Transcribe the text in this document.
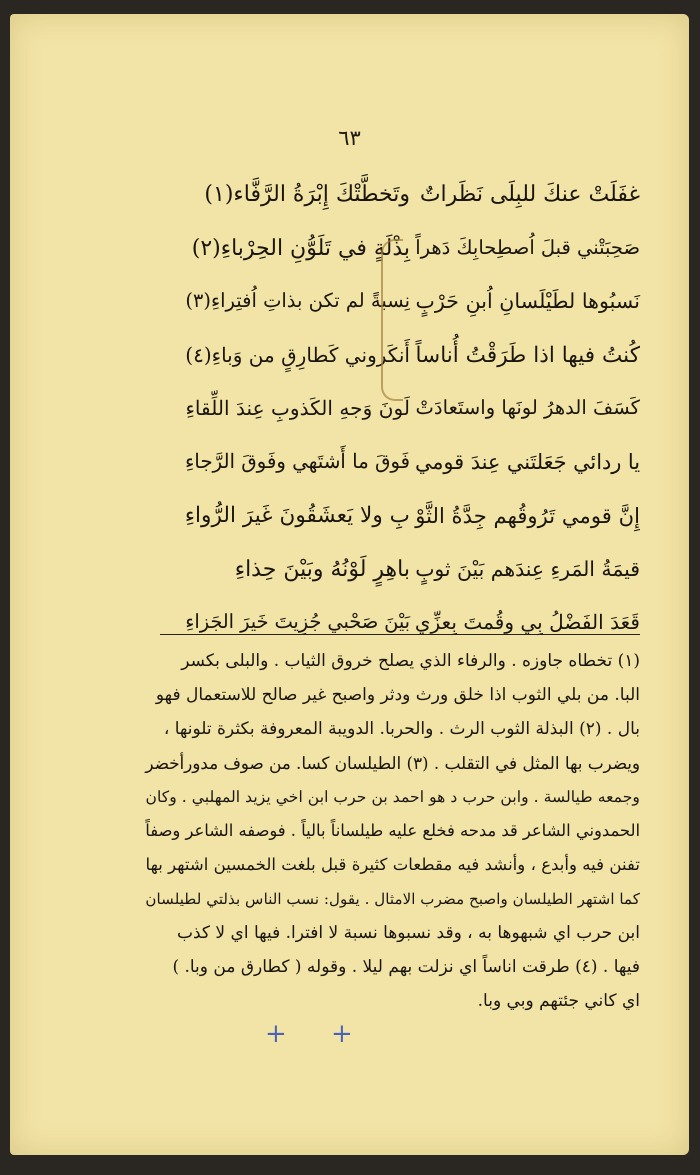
٦٣
غفَلَتْ عنكَ للبِلَى نَظَراتٌ
وتَخطَّتْكَ إِبْرَةُ الرَّفَّاء(١)
صَحِبَتْني قبلَ اُصطِحابِكَ دَهراً
بِذْلَةٍ في تَلَوُّنِ الحِرْباءِ(٢)
نَسبُوها لطَيْلَسانِ اُبنِ حَرْبٍ
نِسبةً لم تكن بذاتِ اُفتِراءِ(٣)
كُنتُ فيها اذا طَرَقْتُ أُناساً
أَنكَروني كَطارِقٍ من وَباءِ(٤)
كَسَفَ الدهرُ لونَها واستَعادَتْ
لَونَ وَجهِ الكَذوبِ عِندَ اللِّقاءِ
يا ردائي جَعَلتَني عِندَ قومي
فَوقَ ما أَشتَهي وفَوقَ الرَّجاءِ
إِنَّ قومي تَرُوقُهم جِدَّةُ الثَّوْ
بِ ولا يَعشَقُونَ غَيرَ الرُّواءِ
قيمَةُ المَرءِ عِندَهم بَيْنَ ثوبٍ
باهِرٍ لَوْنُهُ وبَيْنَ حِذاءِ
قَعَدَ الفَضْلُ بِي وقُمتَ بِعزِّي
بَيْنَ صَحْبي جُزِيتَ خَيرَ الجَزاءِ

(١) تخطاه جاوزه . والرفاء الذي يصلح خروق الثياب . والبلى بكسر

البا. من بلي الثوب اذا خلق ورث ودثر واصبح غير صالح للاستعمال فهو

بال . (٢) البذلة الثوب الرث . والحربا. الدويبة المعروفة بكثرة تلونها ،

ويضرب بها المثل في التقلب . (٣) الطيلسان كسا. من صوف مدورأخضر

وجمعه طيالسة . وابن حرب د هو احمد بن حرب ابن اخي يزيد المهلبي . وكان

الحمدوني الشاعر قد مدحه فخلع عليه طيلساناً بالياً . فوصفه الشاعر وصفاً

تفنن فيه وأبدع ، وأنشد فيه مقطعات كثيرة قبل بلغت الخمسين اشتهر بها

كما اشتهر الطيلسان واصبح مضرب الامثال . يقول: نسب الناس بذلتي لطيلسان

ابن حرب اي شبهوها به ، وقد نسبوها نسبة لا افترا. فيها اي لا كذب

فيها . (٤) طرقت اناساً اي نزلت بهم ليلا . وقوله ( كطارق من وبا. )

اي كاني جئتهم وبي وبا.

+ +
